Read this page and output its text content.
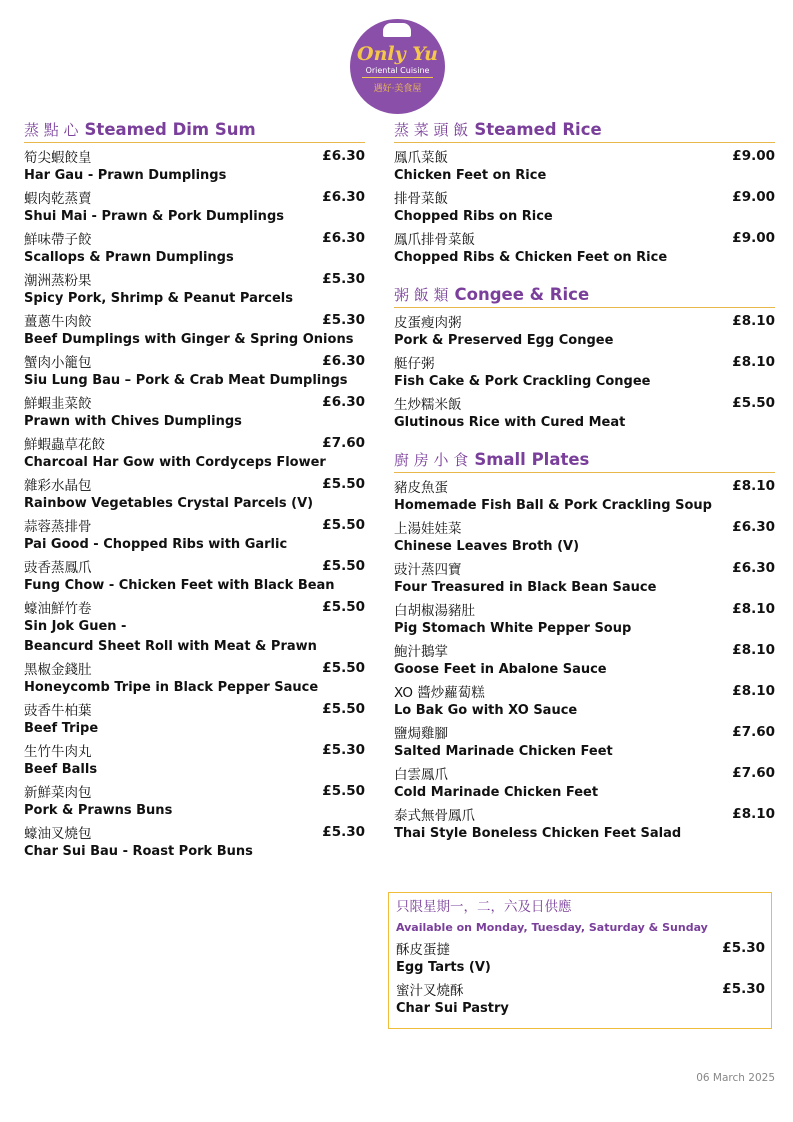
Only Yu
Oriental Cuisine
遇好·美食屋
蒸 點 心 Steamed Dim Sum
筍尖蝦餃皇	£6.30
Har Gau - Prawn Dumplings
蝦肉乾蒸賣	£6.30
Shui Mai - Prawn & Pork Dumplings
鮮味帶子餃	£6.30
Scallops & Prawn Dumplings
潮洲蒸粉果	£5.30
Spicy Pork, Shrimp & Peanut Parcels
薑蔥牛肉餃	£5.30
Beef Dumplings with Ginger & Spring Onions
蟹肉小籠包	£6.30
Siu Lung Bau – Pork & Crab Meat Dumplings
鮮蝦韭菜餃	£6.30
Prawn with Chives Dumplings
鮮蝦蟲草花餃	£7.60
Charcoal Har Gow with Cordyceps Flower
雜彩水晶包	£5.50
Rainbow Vegetables Crystal Parcels (V)
蒜蓉蒸排骨	£5.50
Pai Good - Chopped Ribs with Garlic
豉香蒸鳳爪	£5.50
Fung Chow - Chicken Feet with Black Bean
蠔油鮮竹卷	£5.50
Sin Jok Guen -
Beancurd Sheet Roll with Meat & Prawn
黑椒金錢肚	£5.50
Honeycomb Tripe in Black Pepper Sauce
豉香牛柏葉	£5.50
Beef Tripe
生竹牛肉丸	£5.30
Beef Balls
新鮮菜肉包	£5.50
Pork & Prawns Buns
蠔油叉燒包	£5.30
Char Sui Bau - Roast Pork Buns
蒸 菜 頭 飯 Steamed Rice
鳳爪菜飯	£9.00
Chicken Feet on Rice
排骨菜飯	£9.00
Chopped Ribs on Rice
鳳爪排骨菜飯	£9.00
Chopped Ribs & Chicken Feet on Rice
粥 飯 類 Congee & Rice
皮蛋瘦肉粥	£8.10
Pork & Preserved Egg Congee
艇仔粥	£8.10
Fish Cake & Pork Crackling Congee
生炒糯米飯	£5.50
Glutinous Rice with Cured Meat
廚 房 小 食 Small Plates
豬皮魚蛋	£8.10
Homemade Fish Ball & Pork Crackling Soup
上湯娃娃菜	£6.30
Chinese Leaves Broth (V)
豉汁蒸四寶	£6.30
Four Treasured in Black Bean Sauce
白胡椒湯豬肚	£8.10
Pig Stomach White Pepper Soup
鮑汁鵝掌	£8.10
Goose Feet in Abalone Sauce
XO 醬炒蘿蔔糕	£8.10
Lo Bak Go with XO Sauce
鹽焗雞腳	£7.60
Salted Marinade Chicken Feet
白雲鳳爪	£7.60
Cold Marinade Chicken Feet
泰式無骨鳳爪	£8.10
Thai Style Boneless Chicken Feet Salad
只限星期一，二，六及日供應
Available on Monday, Tuesday, Saturday & Sunday
酥皮蛋撻	£5.30
Egg Tarts (V)
蜜汁叉燒酥	£5.30
Char Sui Pastry
06 March 2025
